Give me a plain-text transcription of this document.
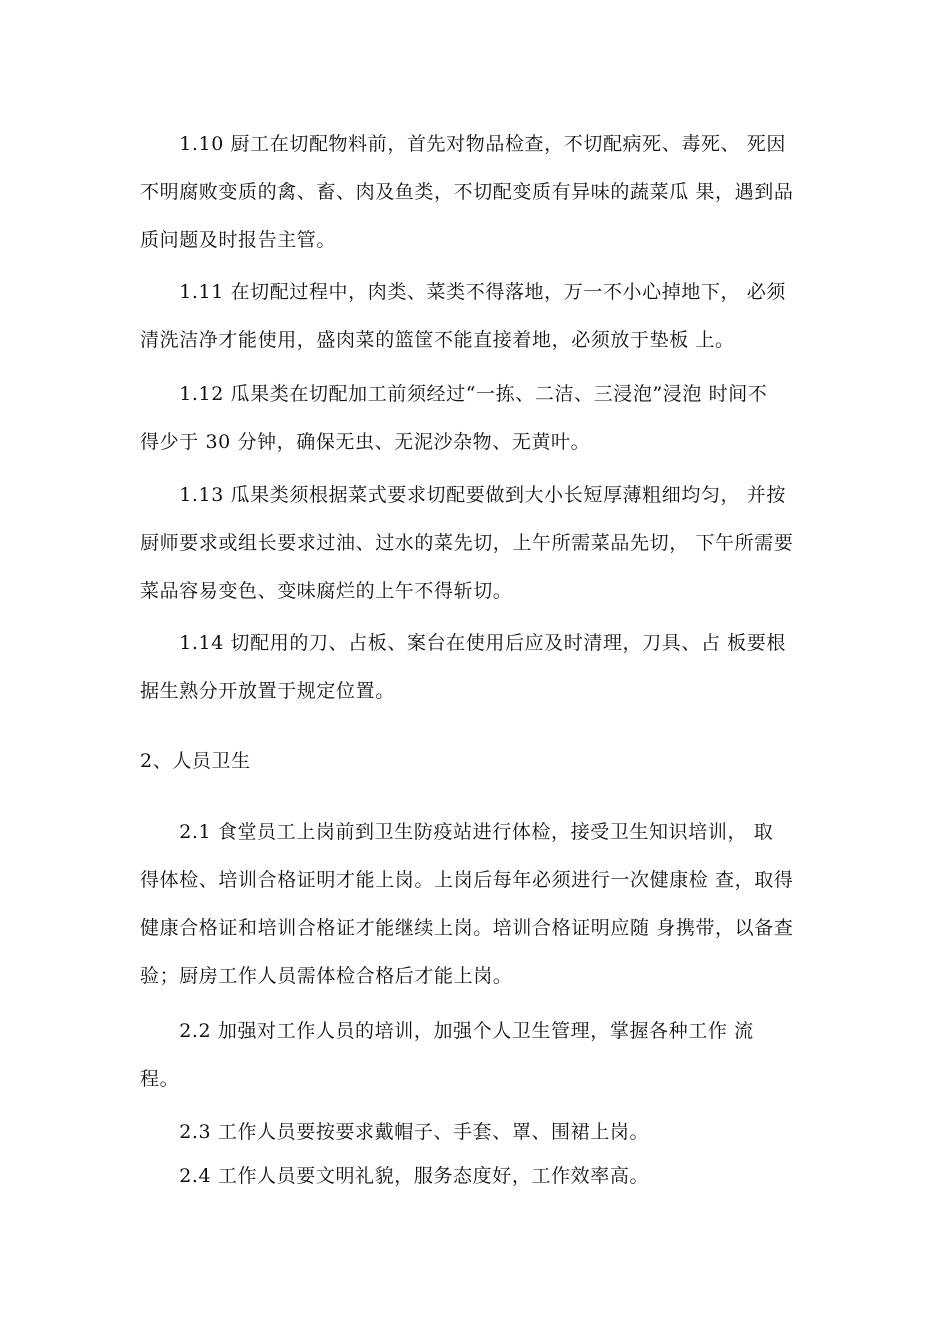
　　1.10 厨工在切配物料前，首先对物品检查，不切配病死、毒死、 死因
不明腐败变质的禽、畜、肉及鱼类，不切配变质有异味的蔬菜瓜 果，遇到品
质问题及时报告主管。
　　1.11 在切配过程中，肉类、菜类不得落地，万一不小心掉地下， 必须
清洗洁净才能使用，盛肉菜的篮筐不能直接着地，必须放于垫板 上。
　　1.12 瓜果类在切配加工前须经过“一拣、二洁、三浸泡”浸泡 时间不
得少于 30 分钟，确保无虫、无泥沙杂物、无黄叶。
　　1.13 瓜果类须根据菜式要求切配要做到大小长短厚薄粗细均匀， 并按
厨师要求或组长要求过油、过水的菜先切，上午所需菜品先切， 下午所需要
菜品容易变色、变味腐烂的上午不得斩切。
　　1.14 切配用的刀、占板、案台在使用后应及时清理，刀具、占 板要根
据生熟分开放置于规定位置。
2、人员卫生
　　2.1 食堂员工上岗前到卫生防疫站进行体检，接受卫生知识培训， 取
得体检、培训合格证明才能上岗。上岗后每年必须进行一次健康检 查，取得
健康合格证和培训合格证才能继续上岗。培训合格证明应随 身携带，以备查
验；厨房工作人员需体检合格后才能上岗。
　　2.2 加强对工作人员的培训，加强个人卫生管理，掌握各种工作 流
程。
　　2.3 工作人员要按要求戴帽子、手套、罩、围裙上岗。
　　2.4 工作人员要文明礼貌，服务态度好，工作效率高。
